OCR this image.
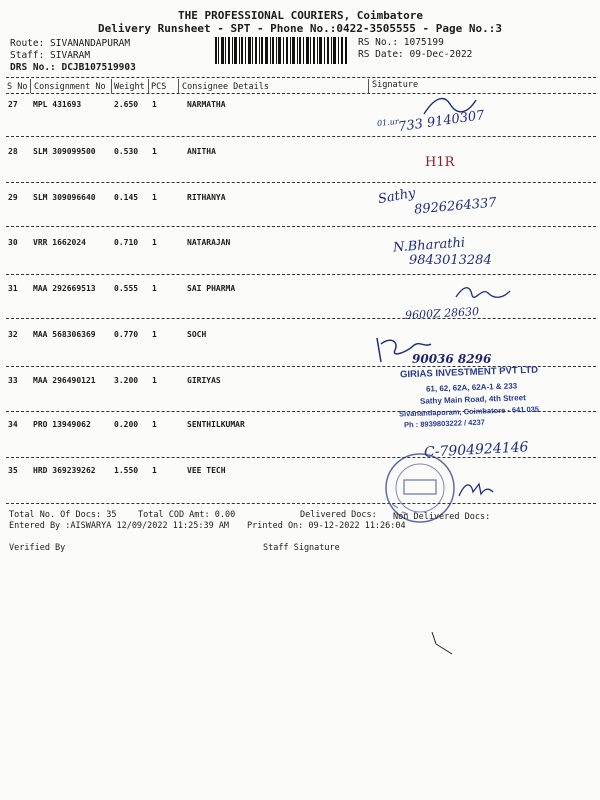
THE PROFESSIONAL COURIERS, Coimbatore
Delivery Runsheet - SPT - Phone No.:0422-3505555 - Page No.:3
Route: SIVANANDAPURAM
Staff: SIVARAM
DRS No.: DCJB107519903
RS No.: 1075199
RS Date: 09-Dec-2022
S No Consignment No Weight PCS Consignee Details	Signature
27 MPL 431693	2.650 1	NARMATHA
28 SLM 309099500 0.530 1	ANITHA
29 SLM 309096640 0.145 1	RITHANYA
30 VRR 1662024	0.710 1	NATARAJAN
31 MAA 292669513 0.555 1	SAI PHARMA
32 MAA 568306369 0.770 1	SOCH
33 MAA 296490121 3.200 1	GIRIYAS
34 PRO 13949062	0.200 1	SENTHILKUMAR
35 HRD 369239262 1.550 1	VEE TECH
01.ur
733 9140307
H1R
Sathy
8926264337
N.Bharathi
9843013284
9600Z 28630
90036 8296
C-7904924146
GIRIAS INVESTMENT PVT LTD
61, 62, 62A, 62A-1 & 233
Sathy Main Road, 4th Street
Sivanandapuram, Coimbatore - 641 035
Ph : 8939803222 / 4237
Total No. Of Docs: 35	Total COD Amt: 0.00	Delivered Docs: Non Delivered Docs:
Entered By :AISWARYA 12/09/2022 11:25:39 AM Printed On: 09-12-2022 11:26:04
Verified By	Staff Signature
